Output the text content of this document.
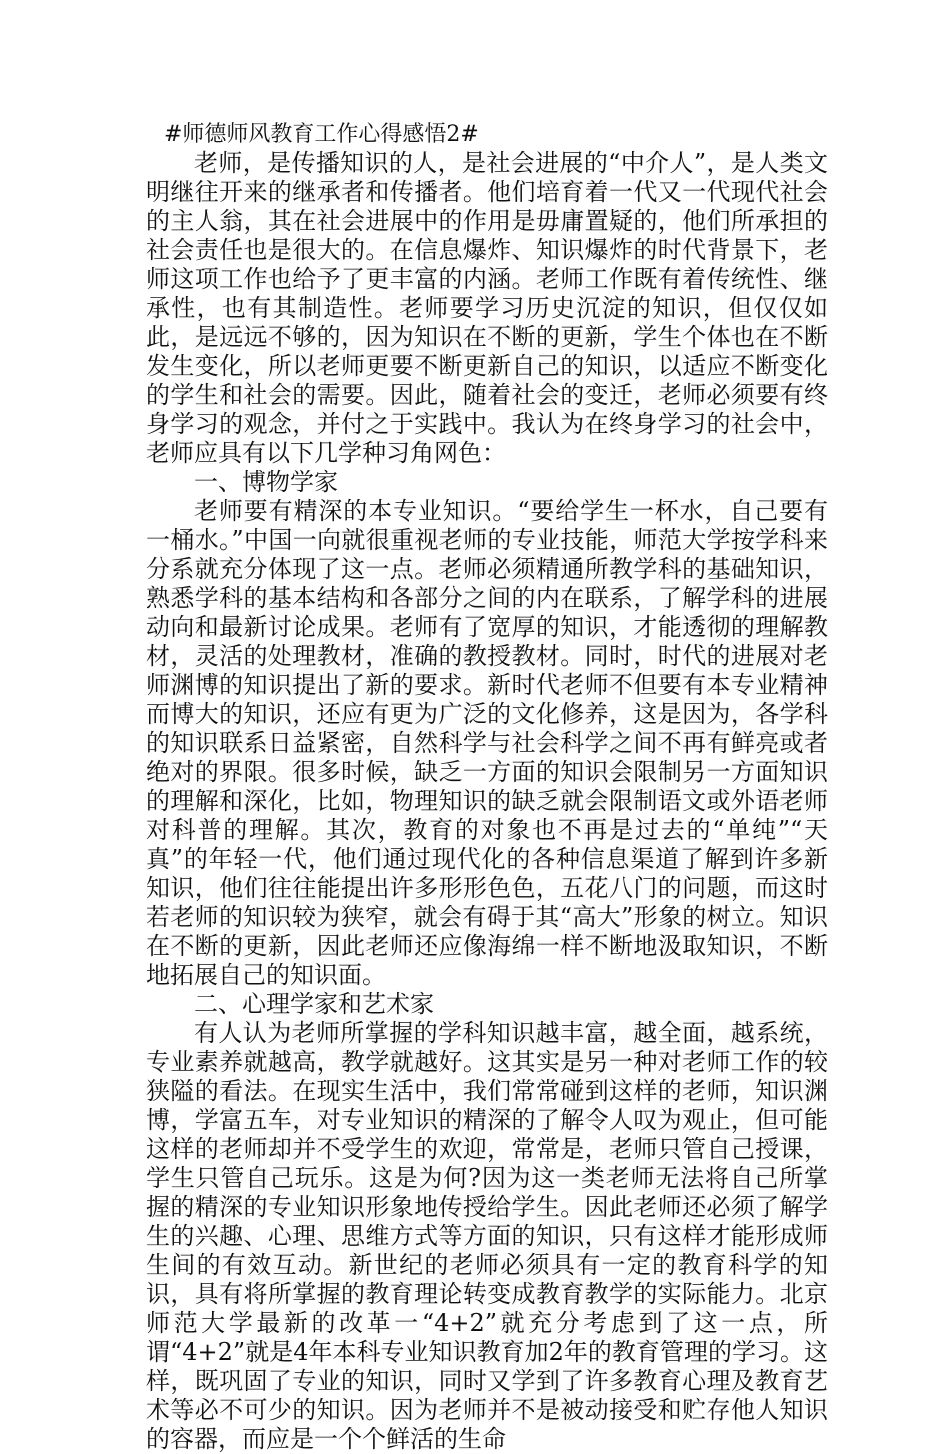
#师德师风教育工作心得感悟2#

老师，是传播知识的人，是社会进展的“中介人”，是人类文明继往开来的继承者和传播者。他们培育着一代又一代现代社会的主人翁，其在社会进展中的作用是毋庸置疑的，他们所承担的社会责任也是很大的。在信息爆炸、知识爆炸的时代背景下，老师这项工作也给予了更丰富的内涵。老师工作既有着传统性、继承性，也有其制造性。老师要学习历史沉淀的知识，但仅仅如此，是远远不够的，因为知识在不断的更新，学生个体也在不断发生变化，所以老师更要不断更新自己的知识，以适应不断变化的学生和社会的需要。因此，随着社会的变迁，老师必须要有终身学习的观念，并付之于实践中。我认为在终身学习的社会中，老师应具有以下几学种习角网色：

一、博物学家

老师要有精深的本专业知识。“要给学生一杯水，自己要有一桶水。”中国一向就很重视老师的专业技能，师范大学按学科来分系就充分体现了这一点。老师必须精通所教学科的基础知识，熟悉学科的基本结构和各部分之间的内在联系，了解学科的进展动向和最新讨论成果。老师有了宽厚的知识，才能透彻的理解教材，灵活的处理教材，准确的教授教材。同时，时代的进展对老师渊博的知识提出了新的要求。新时代老师不但要有本专业精神而博大的知识，还应有更为广泛的文化修养，这是因为，各学科的知识联系日益紧密，自然科学与社会科学之间不再有鲜亮或者绝对的界限。很多时候，缺乏一方面的知识会限制另一方面知识的理解和深化，比如，物理知识的缺乏就会限制语文或外语老师对科普的理解。其次，教育的对象也不再是过去的“单纯”“天真”的年轻一代，他们通过现代化的各种信息渠道了解到许多新知识，他们往往能提出许多形形色色，五花八门的问题，而这时若老师的知识较为狭窄，就会有碍于其“高大”形象的树立。知识在不断的更新，因此老师还应像海绵一样不断地汲取知识，不断地拓展自己的知识面。

二、心理学家和艺术家

有人认为老师所掌握的学科知识越丰富，越全面，越系统，专业素养就越高，教学就越好。这其实是另一种对老师工作的较狭隘的看法。在现实生活中，我们常常碰到这样的老师，知识渊博，学富五车，对专业知识的精深的了解令人叹为观止，但可能这样的老师却并不受学生的欢迎，常常是，老师只管自己授课，学生只管自己玩乐。这是为何?因为这一类老师无法将自己所掌握的精深的专业知识形象地传授给学生。因此老师还必须了解学生的兴趣、心理、思维方式等方面的知识，只有这样才能形成师生间的有效互动。新世纪的老师必须具有一定的教育科学的知识，具有将所掌握的教育理论转变成教育教学的实际能力。北京师范大学最新的改革一“4+2”就充分考虑到了这一点，所谓“4+2”就是4年本科专业知识教育加2年的教育管理的学习。这样，既巩固了专业的知识，同时又学到了许多教育心理及教育艺术等必不可少的知识。因为老师并不是被动接受和贮存他人知识的容器，而应是一个个鲜活的生命
